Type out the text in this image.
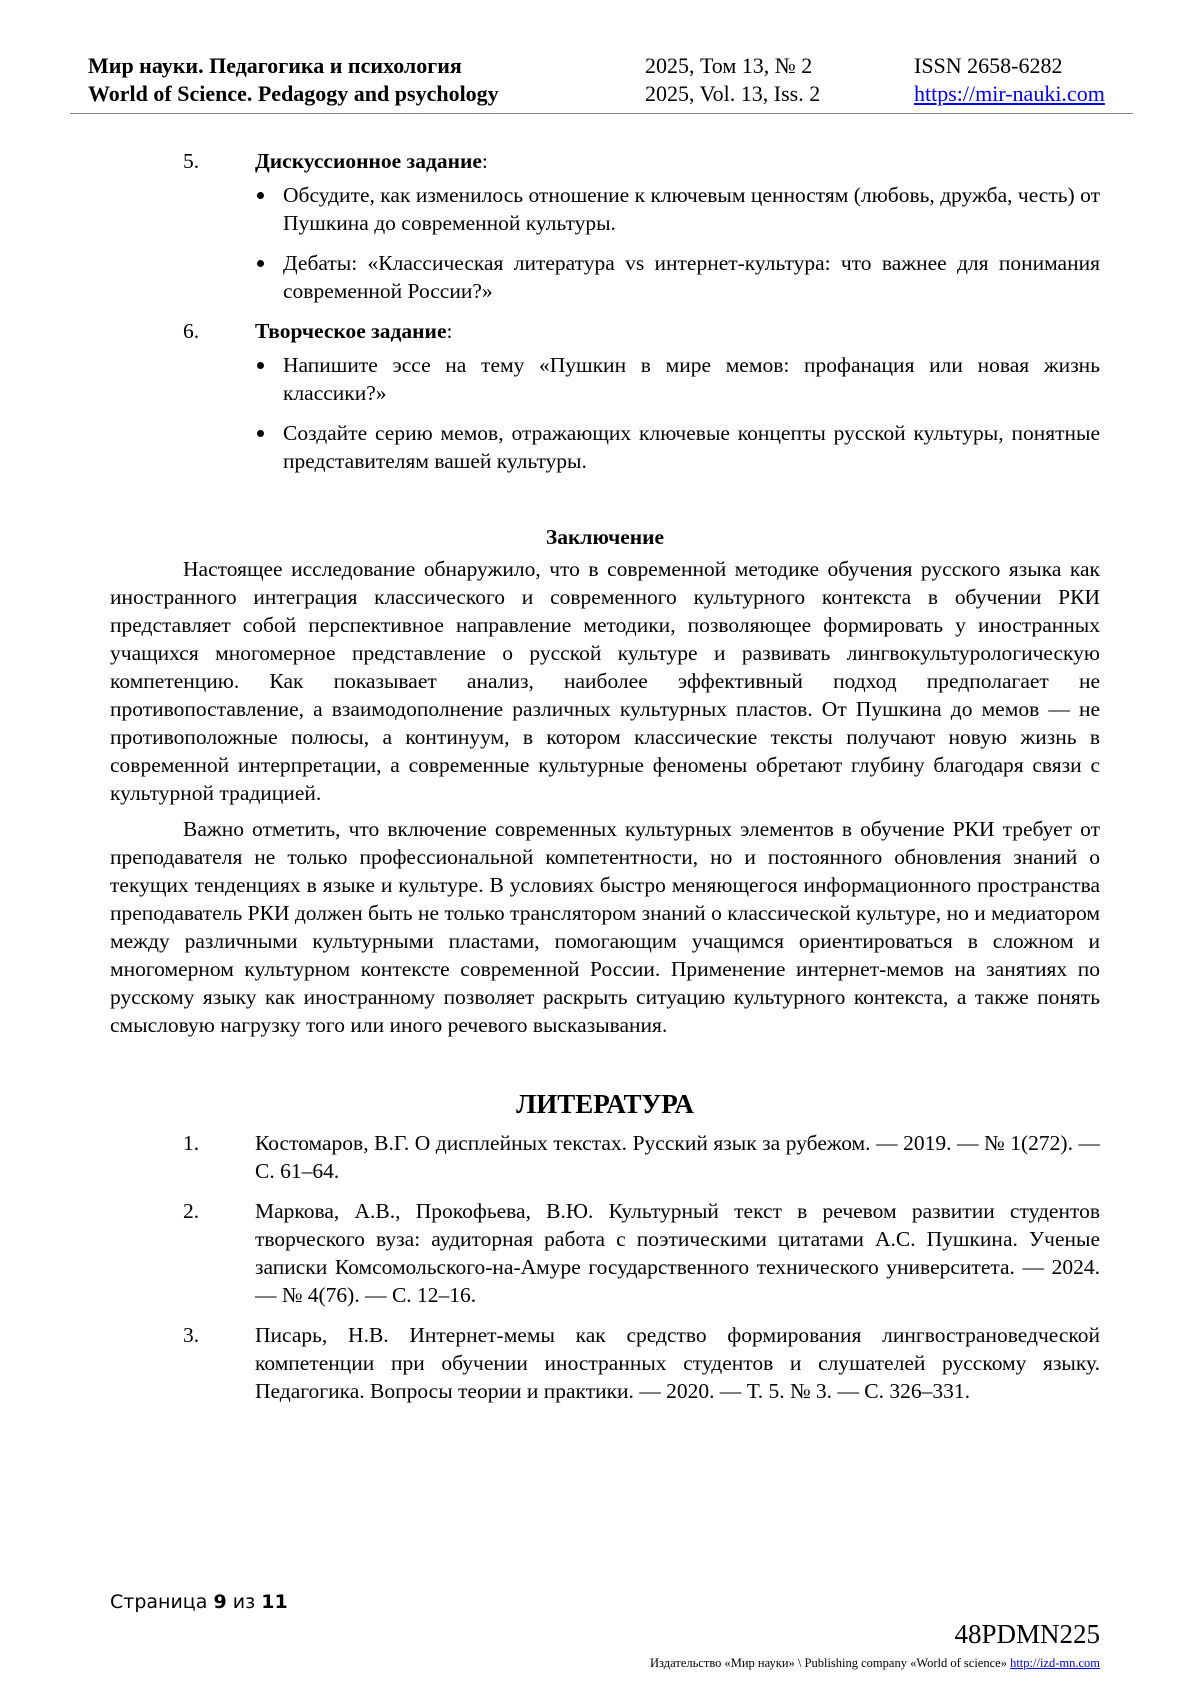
Мир науки. Педагогика и психология
World of Science. Pedagogy and psychology
2025, Том 13, № 2
2025, Vol. 13, Iss. 2
ISSN 2658-6282
https://mir-nauki.com
5.	Дискуссионное задание:
Обсудите, как изменилось отношение к ключевым ценностям (любовь, дружба, честь) от Пушкина до современной культуры.
Дебаты: «Классическая литература vs интернет-культура: что важнее для понимания современной России?»
6.	Творческое задание:
Напишите эссе на тему «Пушкин в мире мемов: профанация или новая жизнь классики?»
Создайте серию мемов, отражающих ключевые концепты русской культуры, понятные представителям вашей культуры.
Заключение

Настоящее исследование обнаружило, что в современной методике обучения русского языка как иностранного интеграция классического и современного культурного контекста в обучении РКИ представляет собой перспективное направление методики, позволяющее формировать у иностранных учащихся многомерное представление о русской культуре и развивать лингвокультурологическую компетенцию. Как показывает анализ, наиболее эффективный подход предполагает не противопоставление, а взаимодополнение различных культурных пластов. От Пушкина до мемов — не противоположные полюсы, а континуум, в котором классические тексты получают новую жизнь в современной интерпретации, а современные культурные феномены обретают глубину благодаря связи с культурной традицией.

Важно отметить, что включение современных культурных элементов в обучение РКИ требует от преподавателя не только профессиональной компетентности, но и постоянного обновления знаний о текущих тенденциях в языке и культуре. В условиях быстро меняющегося информационного пространства преподаватель РКИ должен быть не только транслятором знаний о классической культуре, но и медиатором между различными культурными пластами, помогающим учащимся ориентироваться в сложном и многомерном культурном контексте современной России. Применение интернет-мемов на занятиях по русскому языку как иностранному позволяет раскрыть ситуацию культурного контекста, а также понять смысловую нагрузку того или иного речевого высказывания.

ЛИТЕРАТУРА
1.	Костомаров, В.Г. О дисплейных текстах. Русский язык за рубежом. — 2019. — № 1(272). — С. 61–64.
2.	Маркова, А.В., Прокофьева, В.Ю. Культурный текст в речевом развитии студентов творческого вуза: аудиторная работа с поэтическими цитатами А.С. Пушкина. Ученые записки Комсомольского-на-Амуре государственного технического университета. — 2024. — № 4(76). — С. 12–16.
3.	Писарь, Н.В. Интернет-мемы как средство формирования лингвострановедческой компетенции при обучении иностранных студентов и слушателей русскому языку. Педагогика. Вопросы теории и практики. — 2020. — Т. 5. № 3. — С. 326–331.
Страница 9 из 11
48PDMN225
Издательство «Мир науки» \ Publishing company «World of science» http://izd-mn.com
